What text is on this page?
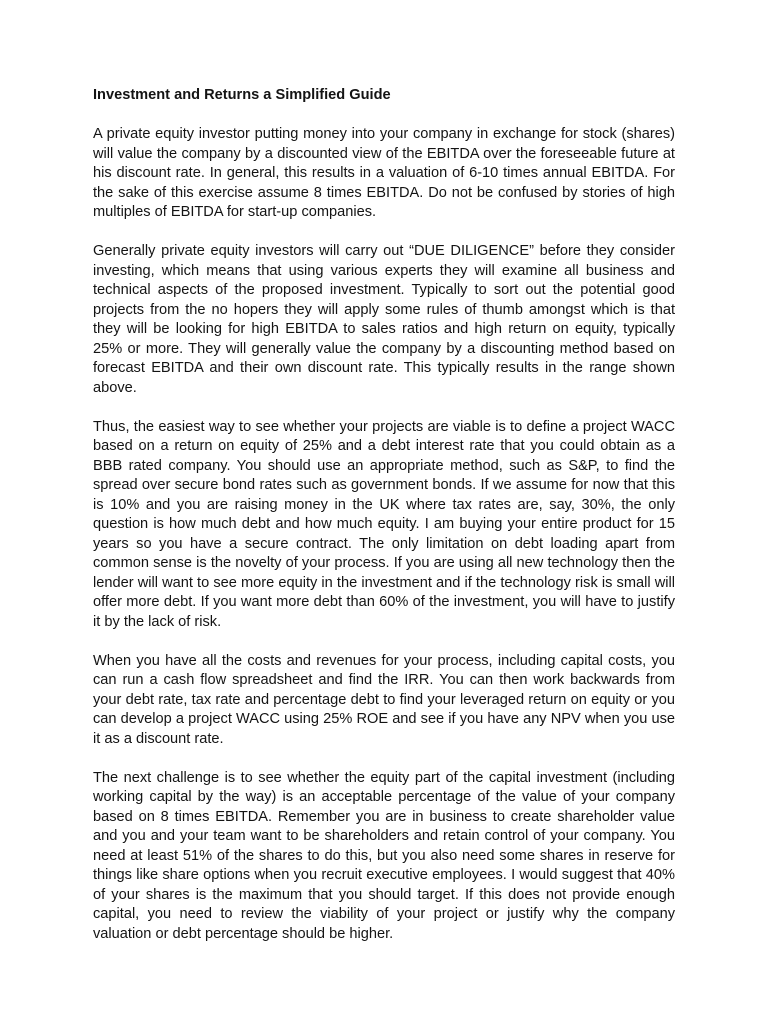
Investment and Returns a Simplified Guide

A private equity investor putting money into your company in exchange for stock (shares) will value the company by a discounted view of the EBITDA over the foreseeable future at his discount rate. In general, this results in a valuation of 6-10 times annual EBITDA. For the sake of this exercise assume 8 times EBITDA. Do not be confused by stories of high multiples of EBITDA for start-up companies.

Generally private equity investors will carry out “DUE DILIGENCE” before they consider investing, which means that using various experts they will examine all business and technical aspects of the proposed investment. Typically to sort out the potential good projects from the no hopers they will apply some rules of thumb amongst which is that they will be looking for high EBITDA to sales ratios and high return on equity, typically 25% or more. They will generally value the company by a discounting method based on forecast EBITDA and their own discount rate. This typically results in the range shown above.

Thus, the easiest way to see whether your projects are viable is to define a project WACC based on a return on equity of 25% and a debt interest rate that you could obtain as a BBB rated company. You should use an appropriate method, such as S&P, to find the spread over secure bond rates such as government bonds. If we assume for now that this is 10% and you are raising money in the UK where tax rates are, say, 30%, the only question is how much debt and how much equity. I am buying your entire product for 15 years so you have a secure contract. The only limitation on debt loading apart from common sense is the novelty of your process. If you are using all new technology then the lender will want to see more equity in the investment and if the technology risk is small will offer more debt. If you want more debt than 60% of the investment, you will have to justify it by the lack of risk.

When you have all the costs and revenues for your process, including capital costs, you can run a cash flow spreadsheet and find the IRR. You can then work backwards from your debt rate, tax rate and percentage debt to find your leveraged return on equity or you can develop a project WACC using 25% ROE and see if you have any NPV when you use it as a discount rate.

The next challenge is to see whether the equity part of the capital investment (including working capital by the way) is an acceptable percentage of the value of your company based on 8 times EBITDA. Remember you are in business to create shareholder value and you and your team want to be shareholders and retain control of your company. You need at least 51% of the shares to do this, but you also need some shares in reserve for things like share options when you recruit executive employees. I would suggest that 40% of your shares is the maximum that you should target. If this does not provide enough capital, you need to review the viability of your project or justify why the company valuation or debt percentage should be higher.
